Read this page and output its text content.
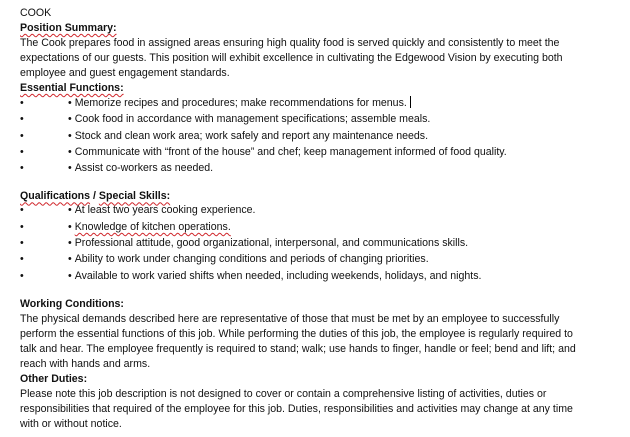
COOK
Position Summary:
The Cook prepares food in assigned areas ensuring high quality food is served quickly and consistently to meet the expectations of our guests. This position will exhibit excellence in cultivating the Edgewood Vision by executing both employee and guest engagement standards.
Essential Functions:
•	• Memorize recipes and procedures; make recommendations for menus.
•	• Cook food in accordance with management specifications; assemble meals.
•	• Stock and clean work area; work safely and report any maintenance needs.
•	• Communicate with “front of the house” and chef; keep management informed of food quality.
•	• Assist co-workers as needed.
Qualifications / Special Skills:
•	• At least two years cooking experience.
•	• Knowledge of kitchen operations.
•	• Professional attitude, good organizational, interpersonal, and communications skills.
•	• Ability to work under changing conditions and periods of changing priorities.
•	• Available to work varied shifts when needed, including weekends, holidays, and nights.
Working Conditions:
The physical demands described here are representative of those that must be met by an employee to successfully perform the essential functions of this job. While performing the duties of this job, the employee is regularly required to talk and hear. The employee frequently is required to stand; walk; use hands to finger, handle or feel; bend and lift; and reach with hands and arms.
Other Duties:
Please note this job description is not designed to cover or contain a comprehensive listing of activities, duties or responsibilities that required of the employee for this job. Duties, responsibilities and activities may change at any time with or without notice.
